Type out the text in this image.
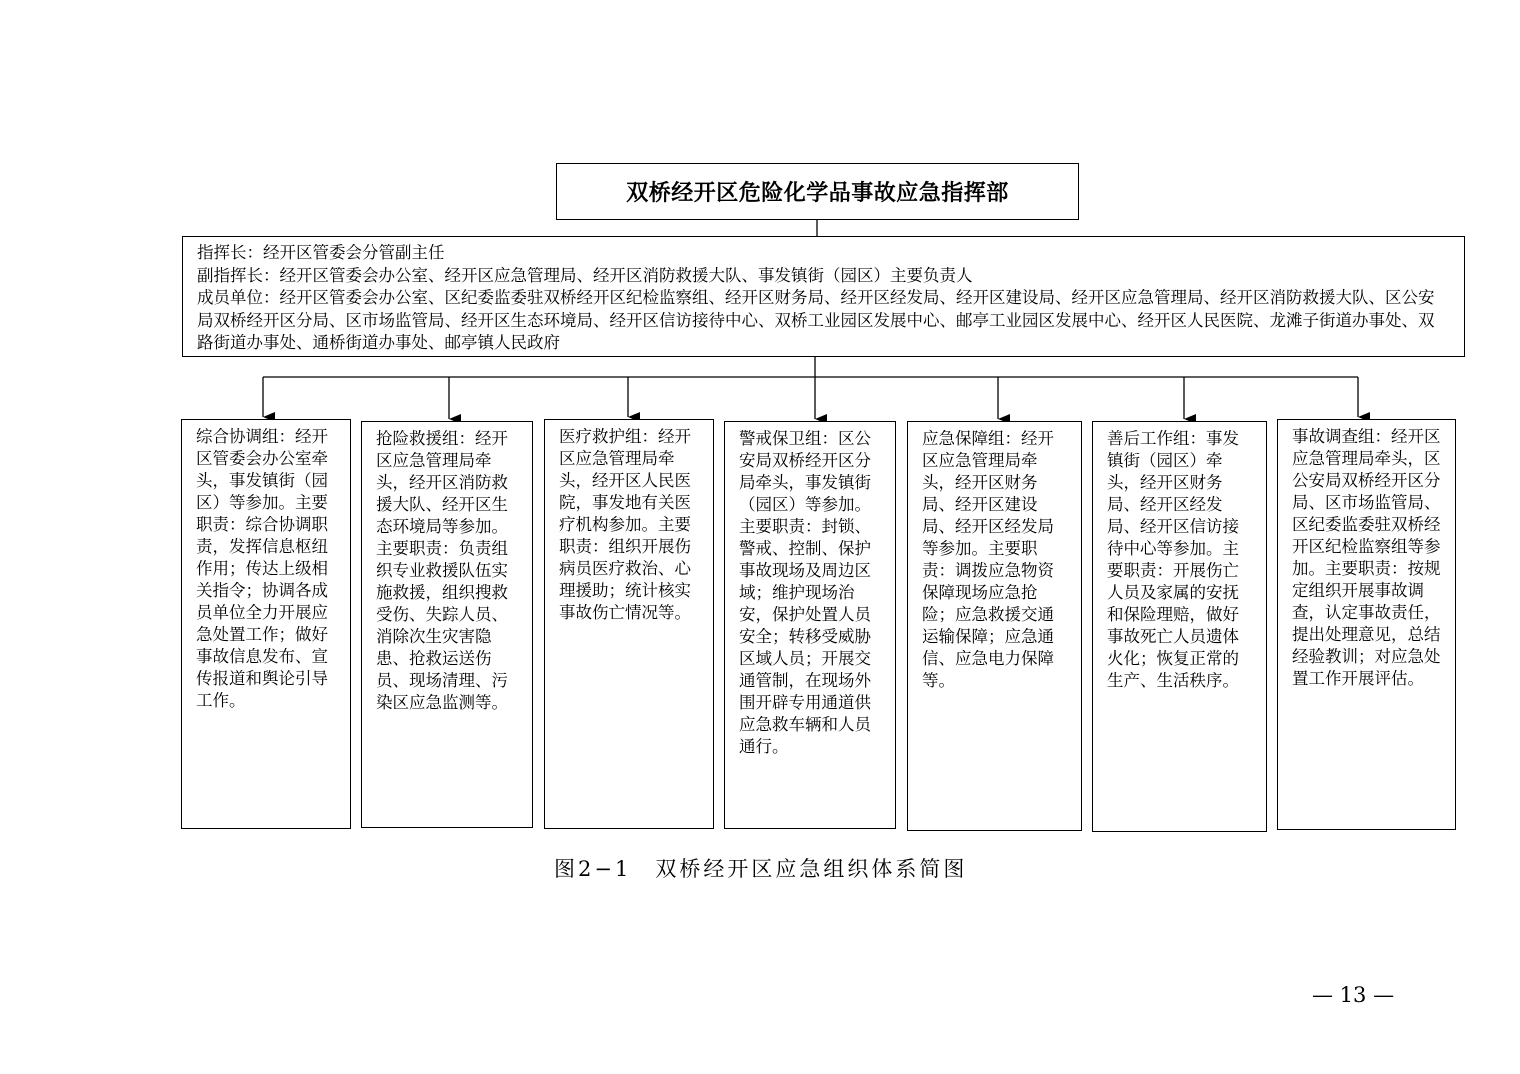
双桥经开区危险化学品事故应急指挥部
指挥长：经开区管委会分管副主任
副指挥长：经开区管委会办公室、经开区应急管理局、经开区消防救援大队、事发镇街（园区）主要负责人
成员单位：经开区管委会办公室、区纪委监委驻双桥经开区纪检监察组、经开区财务局、经开区经发局、经开区建设局、经开区应急管理局、经开区消防救援大队、区公安局双桥经开区分局、区市场监管局、经开区生态环境局、经开区信访接待中心、双桥工业园区发展中心、邮亭工业园区发展中心、经开区人民医院、龙滩子街道办事处、双路街道办事处、通桥街道办事处、邮亭镇人民政府
综合协调组：经开区管委会办公室牵头，事发镇街（园区）等参加。主要职责：综合协调职责，发挥信息枢纽作用；传达上级相关指令；协调各成员单位全力开展应急处置工作；做好事故信息发布、宣传报道和舆论引导工作。
抢险救援组：经开区应急管理局牵头，经开区消防救援大队、经开区生态环境局等参加。主要职责：负责组织专业救援队伍实施救援，组织搜救受伤、失踪人员、消除次生灾害隐患、抢救运送伤员、现场清理、污染区应急监测等。
医疗救护组：经开区应急管理局牵头，经开区人民医院，事发地有关医疗机构参加。主要职责：组织开展伤病员医疗救治、心理援助；统计核实事故伤亡情况等。
警戒保卫组：区公安局双桥经开区分局牵头，事发镇街（园区）等参加。主要职责：封锁、警戒、控制、保护事故现场及周边区域；维护现场治安，保护处置人员安全；转移受威胁区域人员；开展交通管制，在现场外围开辟专用通道供应急救车辆和人员通行。
应急保障组：经开区应急管理局牵头，经开区财务局、经开区建设局、经开区经发局等参加。主要职责：调拨应急物资保障现场应急抢险；应急救援交通运输保障；应急通信、应急电力保障等。
善后工作组：事发镇街（园区）牵头，经开区财务局、经开区经发局、经开区信访接待中心等参加。主要职责：开展伤亡人员及家属的安抚和保险理赔，做好事故死亡人员遗体火化；恢复正常的生产、生活秩序。
事故调查组：经开区应急管理局牵头，区公安局双桥经开区分局、区市场监管局、区纪委监委驻双桥经开区纪检监察组等参加。主要职责：按规定组织开展事故调查，认定事故责任，提出处理意见，总结经验教训；对应急处置工作开展评估。
图2−1　双桥经开区应急组织体系简图
— 13 —
